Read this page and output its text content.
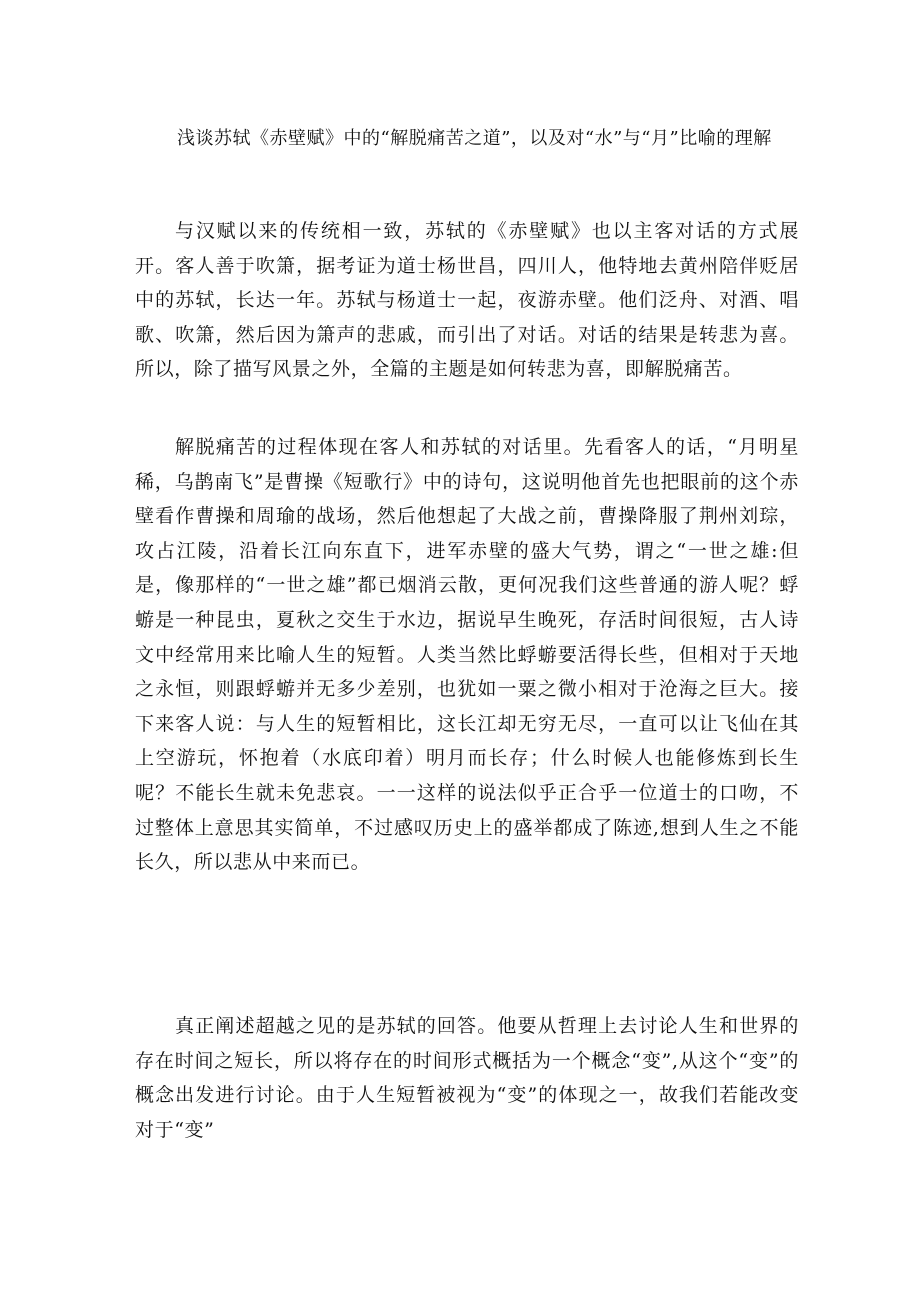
浅谈苏轼《赤壁赋》中的“解脱痛苦之道”，以及对“水”与“月”比喻的理解

与汉赋以来的传统相一致，苏轼的《赤壁赋》也以主客对话的方式展开。客人善于吹箫，据考证为道士杨世昌，四川人，他特地去黄州陪伴贬居中的苏轼，长达一年。苏轼与杨道士一起，夜游赤壁。他们泛舟、对酒、唱歌、吹箫，然后因为箫声的悲戚，而引出了对话。对话的结果是转悲为喜。所以，除了描写风景之外，全篇的主题是如何转悲为喜，即解脱痛苦。

解脱痛苦的过程体现在客人和苏轼的对话里。先看客人的话，“月明星稀，乌鹊南飞”是曹操《短歌行》中的诗句，这说明他首先也把眼前的这个赤壁看作曹操和周瑜的战场，然后他想起了大战之前，曹操降服了荆州刘琮，攻占江陵，沿着长江向东直下，进军赤壁的盛大气势，谓之“一世之雄:但是，像那样的“一世之雄”都已烟消云散，更何况我们这些普通的游人呢？蜉蝣是一种昆虫，夏秋之交生于水边，据说早生晚死，存活时间很短，古人诗文中经常用来比喻人生的短暂。人类当然比蜉蝣要活得长些，但相对于天地之永恒，则跟蜉蝣并无多少差别，也犹如一粟之微小相对于沧海之巨大。接下来客人说：与人生的短暂相比，这长江却无穷无尽，一直可以让飞仙在其上空游玩，怀抱着（水底印着）明月而长存；什么时候人也能修炼到长生呢？不能长生就未免悲哀。一一这样的说法似乎正合乎一位道士的口吻，不过整体上意思其实简单，不过感叹历史上的盛举都成了陈迹,想到人生之不能长久，所以悲从中来而已。

真正阐述超越之见的是苏轼的回答。他要从哲理上去讨论人生和世界的存在时间之短长，所以将存在的时间形式概括为一个概念“变”,从这个“变”的概念出发进行讨论。由于人生短暂被视为“变”的体现之一，故我们若能改变对于“变”
